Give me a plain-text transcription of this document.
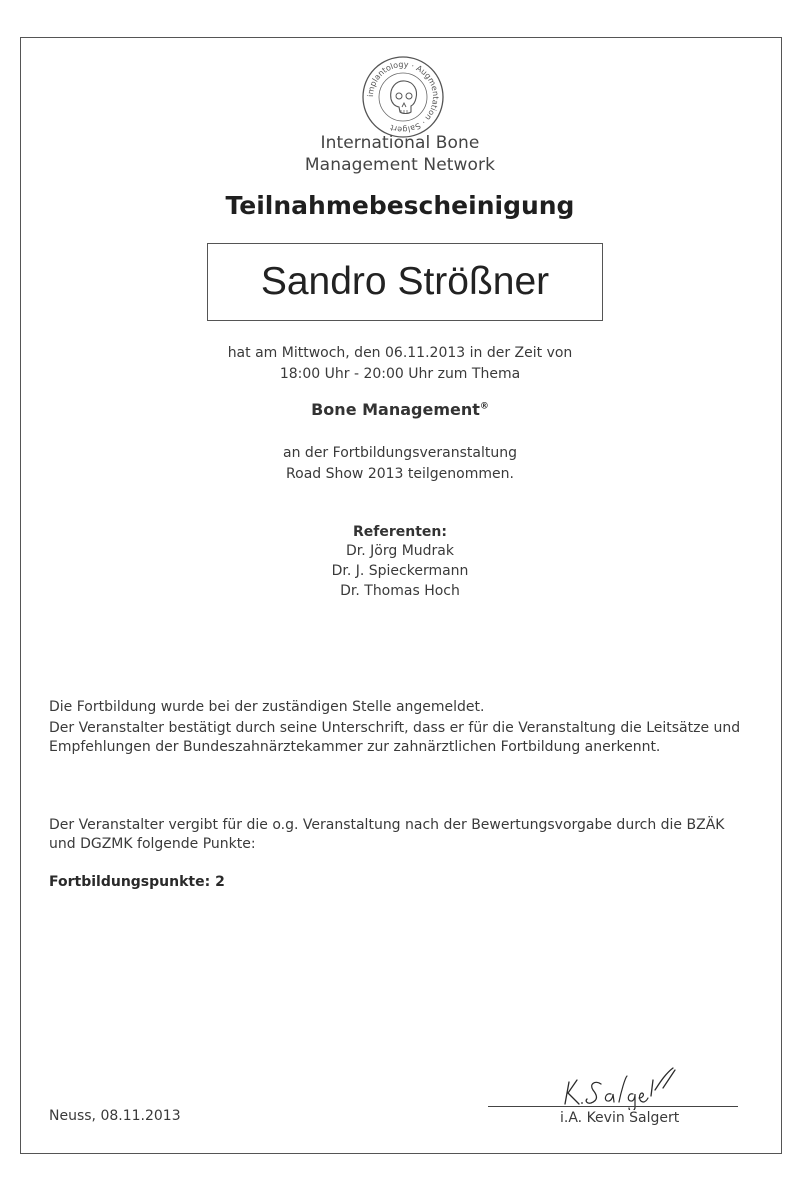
implantology · Augmentation · Salgert
International Bone
Management Network
Teilnahmebescheinigung
Sandro Strößner
hat am Mittwoch, den 06.11.2013 in der Zeit von
18:00 Uhr - 20:00 Uhr zum Thema
Bone Management®
an der Fortbildungsveranstaltung
Road Show 2013 teilgenommen.
Referenten:
Dr. Jörg Mudrak
Dr. J. Spieckermann
Dr. Thomas Hoch
Die Fortbildung wurde bei der zuständigen Stelle angemeldet.
Der Veranstalter bestätigt durch seine Unterschrift, dass er für die Veranstaltung die Leitsätze und
Empfehlungen der Bundeszahnärztekammer zur zahnärztlichen Fortbildung anerkennt.
Der Veranstalter vergibt für die o.g. Veranstaltung nach der Bewertungsvorgabe durch die BZÄK
und DGZMK folgende Punkte:
Fortbildungspunkte: 2
Neuss, 08.11.2013	i.A. Kevin Salgert
